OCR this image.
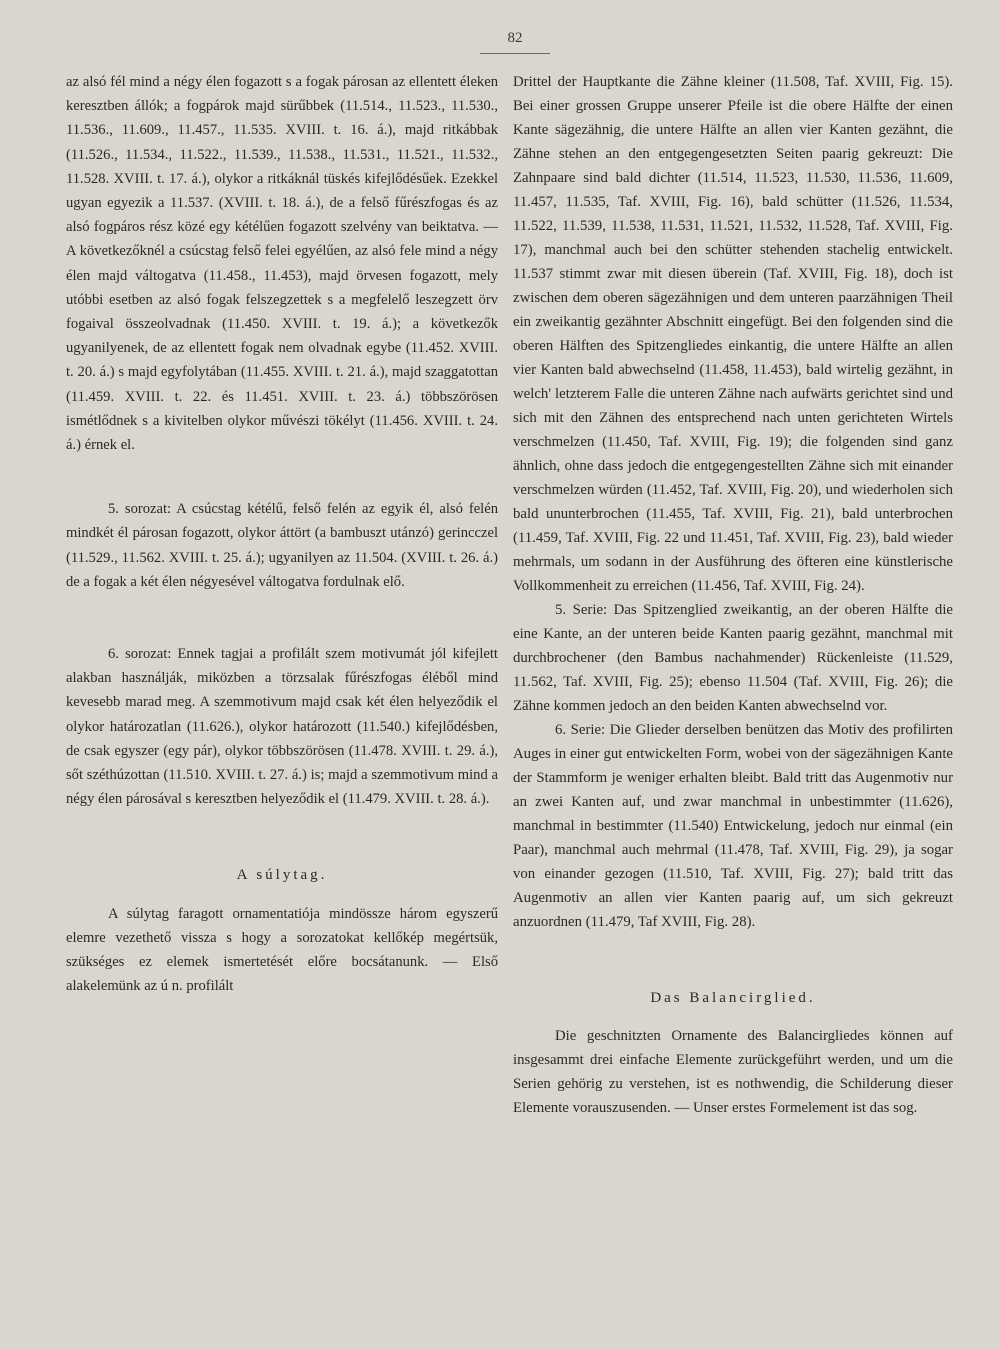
82

az alsó fél mind a négy élen fogazott s a fogak párosan az ellentett éleken keresztben állók; a fogpárok majd sürűbbek (11.514., 11.523., 11.530., 11.536., 11.609., 11.457., 11.535. XVIII. t. 16. á.), majd ritkábbak (11.526., 11.534., 11.522., 11.539., 11.538., 11.531., 11.521., 11.532., 11.528. XVIII. t. 17. á.), olykor a ritkáknál tüskés kifejlődésűek. Ezekkel ugyan egyezik a 11.537. (XVIII. t. 18. á.), de a felső fűrészfogas és az alsó fogpáros rész közé egy kétélűen fogazott szelvény van beiktatva. — A következőknél a csúcstag felső felei egyélűen, az alsó fele mind a négy élen majd váltogatva (11.458., 11.453), majd örvesen fogazott, mely utóbbi esetben az alsó fogak felszegzettek s a megfelelő leszegzett örv fogaival összeolvadnak (11.450. XVIII. t. 19. á.); a következők ugyanilyenek, de az ellentett fogak nem olvadnak egybe (11.452. XVIII. t. 20. á.) s majd egyfolytában (11.455. XVIII. t. 21. á.), majd szaggatottan (11.459. XVIII. t. 22. és 11.451. XVIII. t. 23. á.) többszörösen ismétlődnek s a kivitelben olykor művészi tökélyt (11.456. XVIII. t. 24. á.) érnek el.

5. sorozat: A csúcstag kétélű, felső felén az egyik él, alsó felén mindkét él párosan fogazott, olykor áttört (a bambuszt utánzó) gerincczel (11.529., 11.562. XVIII. t. 25. á.); ugyanilyen az 11.504. (XVIII. t. 26. á.) de a fogak a két élen négyesével váltogatva fordulnak elő.

6. sorozat: Ennek tagjai a profilált szem motivumát jól kifejlett alakban használják, miközben a törzsalak fűrészfogas éléből mind kevesebb marad meg. A szemmotivum majd csak két élen helyeződik el olykor határozatlan (11.626.), olykor határozott (11.540.) kifejlődésben, de csak egyszer (egy pár), olykor többszörösen (11.478. XVIII. t. 29. á.), sőt széthúzottan (11.510. XVIII. t. 27. á.) is; majd a szemmotivum mind a négy élen párosával s keresztben helyeződik el (11.479. XVIII. t. 28. á.).

A súlytag.

A súlytag faragott ornamentatiója mindössze három egyszerű elemre vezethető vissza s hogy a sorozatokat kellőkép megértsük, szükséges ez elemek ismertetését előre bocsátanunk. — Első alakelemünk az ú n. profilált

Drittel der Hauptkante die Zähne kleiner (11.508, Taf. XVIII, Fig. 15). Bei einer grossen Gruppe unserer Pfeile ist die obere Hälfte der einen Kante sägezähnig, die untere Hälfte an allen vier Kanten gezähnt, die Zähne stehen an den entgegengesetzten Seiten paarig gekreuzt: Die Zahnpaare sind bald dichter (11.514, 11.523, 11.530, 11.536, 11.609, 11.457, 11.535, Taf. XVIII, Fig. 16), bald schütter (11.526, 11.534, 11.522, 11.539, 11.538, 11.531, 11.521, 11.532, 11.528, Taf. XVIII, Fig. 17), manchmal auch bei den schütter stehenden stachelig entwickelt. 11.537 stimmt zwar mit diesen überein (Taf. XVIII, Fig. 18), doch ist zwischen dem oberen sägezähnigen und dem unteren paarzähnigen Theil ein zweikantig gezähnter Abschnitt eingefügt. Bei den folgenden sind die oberen Hälften des Spitzengliedes einkantig, die untere Hälfte an allen vier Kanten bald abwechselnd (11.458, 11.453), bald wirtelig gezähnt, in welch' letzterem Falle die unteren Zähne nach aufwärts gerichtet sind und sich mit den Zähnen des entsprechend nach unten gerichteten Wirtels verschmelzen (11.450, Taf. XVIII, Fig. 19); die folgenden sind ganz ähnlich, ohne dass jedoch die entgegengestellten Zähne sich mit einander verschmelzen würden (11.452, Taf. XVIII, Fig. 20), und wiederholen sich bald ununterbrochen (11.455, Taf. XVIII, Fig. 21), bald unterbrochen (11.459, Taf. XVIII, Fig. 22 und 11.451, Taf. XVIII, Fig. 23), bald wieder mehrmals, um sodann in der Ausführung des öfteren eine künstlerische Vollkommenheit zu erreichen (11.456, Taf. XVIII, Fig. 24).

5. Serie: Das Spitzenglied zweikantig, an der oberen Hälfte die eine Kante, an der unteren beide Kanten paarig gezähnt, manchmal mit durchbrochener (den Bambus nachahmender) Rückenleiste (11.529, 11.562, Taf. XVIII, Fig. 25); ebenso 11.504 (Taf. XVIII, Fig. 26); die Zähne kommen jedoch an den beiden Kanten abwechselnd vor.

6. Serie: Die Glieder derselben benützen das Motiv des profilirten Auges in einer gut entwickelten Form, wobei von der sägezähnigen Kante der Stammform je weniger erhalten bleibt. Bald tritt das Augenmotiv nur an zwei Kanten auf, und zwar manchmal in unbestimmter (11.626), manchmal in bestimmter (11.540) Entwickelung, jedoch nur einmal (ein Paar), manchmal auch mehrmal (11.478, Taf. XVIII, Fig. 29), ja sogar von einander gezogen (11.510, Taf. XVIII, Fig. 27); bald tritt das Augenmotiv an allen vier Kanten paarig auf, um sich gekreuzt anzuordnen (11.479, Taf XVIII, Fig. 28).

Das Balancirglied.

Die geschnitzten Ornamente des Balancirgliedes können auf insgesammt drei einfache Elemente zurückgeführt werden, und um die Serien gehörig zu verstehen, ist es nothwendig, die Schilderung dieser Elemente vorauszusenden. — Unser erstes Formelement ist das sog.
